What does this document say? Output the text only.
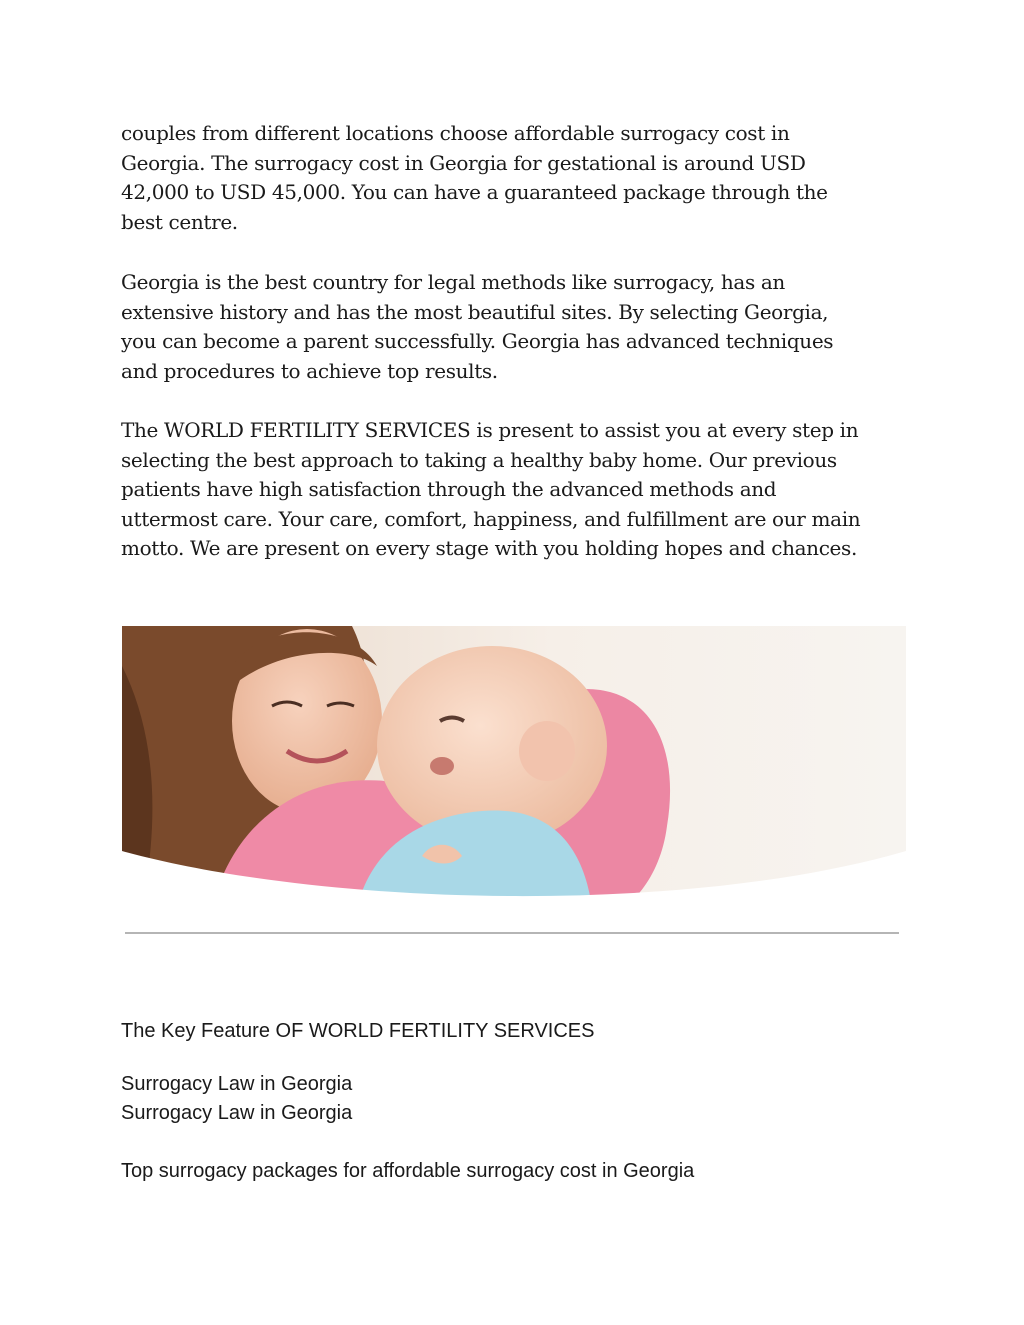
couples from different locations choose affordable surrogacy cost in Georgia. The surrogacy cost in Georgia for gestational is around USD 42,000 to USD 45,000. You can have a guaranteed package through the best centre.

Georgia is the best country for legal methods like surrogacy, has an extensive history and has the most beautiful sites. By selecting Georgia, you can become a parent successfully. Georgia has advanced techniques and procedures to achieve top results.

The WORLD FERTILITY SERVICES is present to assist you at every step in selecting the best approach to taking a healthy baby home. Our previous patients have high satisfaction through the advanced methods and uttermost care. Your care, comfort, happiness, and fulfillment are our main motto. We are present on every stage with you holding hopes and chances.

The Key Feature OF WORLD FERTILITY SERVICES

Surrogacy Law in Georgia

Surrogacy Law in Georgia

Top surrogacy packages for affordable surrogacy cost in Georgia
